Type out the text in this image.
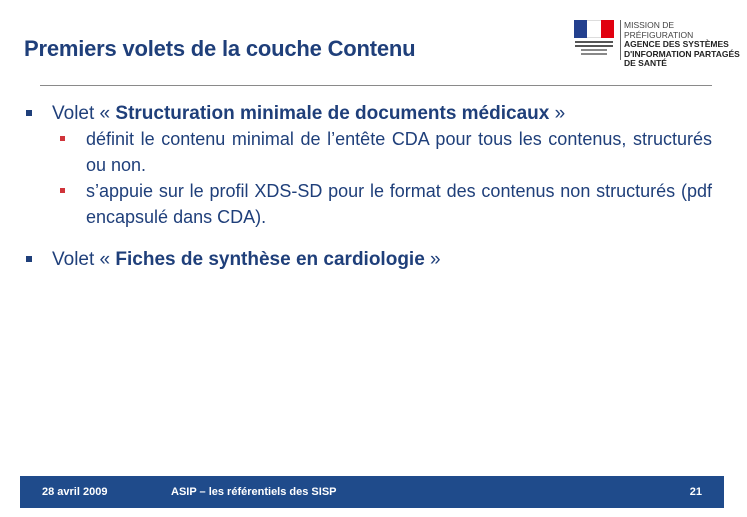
Premiers volets de la couche Contenu
MISSION DE PRÉFIGURATION
AGENCE DES SYSTÈMES
D'INFORMATION PARTAGÉS
DE SANTÉ
Volet « Structuration minimale de documents médicaux »
définit le contenu minimal de l’entête CDA pour tous les contenus, structurés ou non.
s’appuie sur le profil XDS-SD pour le format des contenus non structurés (pdf encapsulé dans CDA).
Volet « Fiches de synthèse en cardiologie »
28 avril 2009	ASIP – les référentiels des SISP	21
